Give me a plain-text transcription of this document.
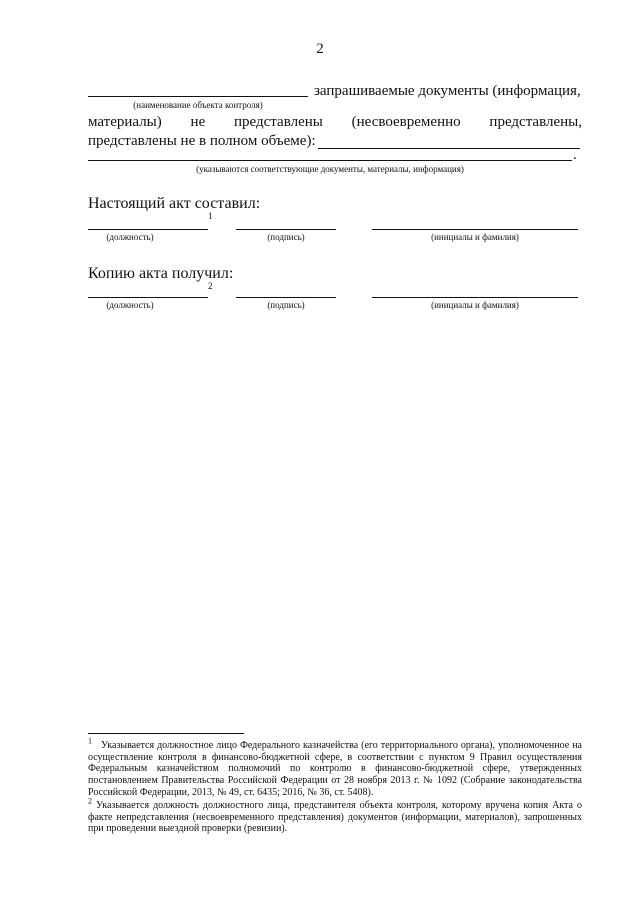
2
запрашиваемые документы (информация,
(наименование объекта контроля)
материалы) не представлены (несвоевременно представлены,
представлены не в полном объеме):
.
(указываются соответствующие документы, материалы, информация)
Настоящий акт составил:
1
(должность)	(подпись)	(инициалы и фамилия)
Копию акта получил:
2
(должность)	(подпись)	(инициалы и фамилия)
$^1$ Указывается должностное лицо Федерального казначейства (его территориального органа), уполномоченное на осуществление контроля в финансово-бюджетной сфере, в соответствии с пунктом 9 Правил осуществления Федеральным казначейством полномочий по контролю в финансово-бюджетной сфере, утвержденных постановлением Правительства Российской Федерации от 28 ноября 2013 г. № 1092 (Собрание законодательства Российской Федерации, 2013, № 49, ст. 6435; 2016, № 36, ст. 5408).
$^2$ Указывается должность должностного лица, представителя объекта контроля, которому вручена копия Акта о факте непредставления (несвоевременного представления) документов (информации, материалов), запрошенных при проведении выездной проверки (ревизии).
